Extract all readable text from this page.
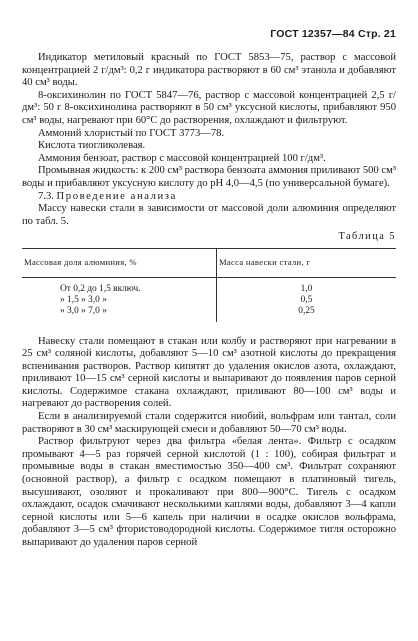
ГОСТ 12357—84 Стр. 21

Индикатор метиловый красный по ГОСТ 5853—75, раствор с массовой концентрацией 2 г/дм³: 0,2 г индикатора растворяют в 60 см³ этанола и добавляют 40 см³ воды.

8-оксихинолин по ГОСТ 5847—76, раствор с массовой концентрацией 2,5 г/дм³: 50 г 8-оксихинолина растворяют в 50 см³ уксусной кислоты, прибавляют 950 см³ воды, нагревают при 60°С до растворения, охлаждают и фильтруют.

Аммоний хлористый по ГОСТ 3773—78.

Кислота тиогликолевая.

Аммония бензоат, раствор с массовой концентрацией 100 г/дм³.

Промывная жидкость: к 200 см³ раствора бензоата аммония приливают 500 см³ воды и прибавляют уксусную кислоту до рН 4,0—4,5 (по универсальной бумаге).

7.3. Проведение анализа

Массу навески стали в зависимости от массовой доли алюминия определяют по табл. 5.

Таблица 5
Массовая доля алюминия, %	Масса навески стали, г
От 0,2 до 1,5 включ.	1,0
» 1,5 » 3,0 »	0,5
» 3,0 » 7,0 »	0,25

Навеску стали помещают в стакан или колбу и растворяют при нагревании в 25 см³ соляной кислоты, добавляют 5—10 см³ азотной кислоты до прекращения вспенивания растворов. Раствор кипятят до удаления окислов азота, охлаждают, приливают 10—15 см³ серной кислоты и выпаривают до появления паров серной кислоты. Содержимое стакана охлаждают, приливают 80—100 см³ воды и нагревают до растворения солей.

Если в анализируемой стали содержится ниобий, вольфрам или тантал, соли растворяют в 30 см³ маскирующей смеси и добавляют 50—70 см³ воды.

Раствор фильтруют через два фильтра «белая лента». Фильтр с осадком промывают 4—5 раз горячей серной кислотой (1 : 100), собирая фильтрат и промывные воды в стакан вместимостью 350—400 см³. Фильтрат сохраняют (основной раствор), а фильтр с осадком помещают в платиновый тигель, высушивают, озоляют и прокаливают при 800—900°С. Тигель с осадком охлаждают, осадок смачивают несколькими каплями воды, добавляют 3—4 капли серной кислоты или 5—6 капель при наличии в осадке окислов вольфрама, добавляют 3—5 см³ фтористоводородной кислоты. Содержимое тигля осторожно выпаривают до удаления паров серной
